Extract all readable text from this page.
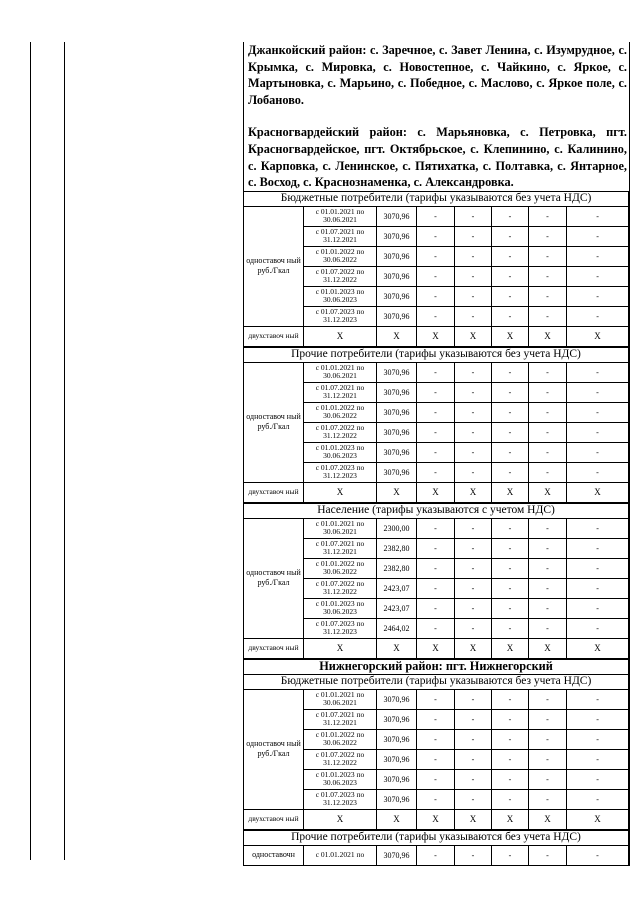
Джанкойский район: с. Заречное, с. Завет Ленина, с. Изумрудное, с. Крымка, с. Мировка, с. Новостепное, с. Чайкино, с. Яркое, с. Мартыновка, с. Марьино, с. Победное, с. Маслово, с. Яркое поле, с. Лобаново.

Красногвардейский район: с. Марьяновка, с. Петровка, пгт. Красногвардейское, пгт. Октябрьское, с. Клепинино, с. Калинино, с. Карповка, с. Ленинское, с. Пятихатка, с. Полтавка, с. Янтарное, с. Восход, с. Краснознаменка, с. Александровка.

Бюджетные потребители (тарифы указываются без учета НДС)							
одноставоч ный руб./Гкал	с 01.01.2021 по 30.06.2021	3070,96	-	-	-	-	-
	с 01.07.2021 по 31.12.2021	3070,96	-	-	-	-	-
	с 01.01.2022 по 30.06.2022	3070,96	-	-	-	-	-
	с 01.07.2022 по 31.12.2022	3070,96	-	-	-	-	-
	с 01.01.2023 по 30.06.2023	3070,96	-	-	-	-	-
	с 01.07.2023 по 31.12.2023	3070,96	-	-	-	-	-
двухставоч ный	X	X	X	X	X	X	X
Прочие потребители (тарифы указываются без учета НДС)							
одноставоч ный руб./Гкал	с 01.01.2021 по 30.06.2021	3070,96	-	-	-	-	-
	с 01.07.2021 по 31.12.2021	3070,96	-	-	-	-	-
	с 01.01.2022 по 30.06.2022	3070,96	-	-	-	-	-
	с 01.07.2022 по 31.12.2022	3070,96	-	-	-	-	-
	с 01.01.2023 по 30.06.2023	3070,96	-	-	-	-	-
	с 01.07.2023 по 31.12.2023	3070,96	-	-	-	-	-
двухставоч ный	X	X	X	X	X	X	X
Население (тарифы указываются с учетом НДС)							
одноставоч ный руб./Гкал	с 01.01.2021 по 30.06.2021	2300,00	-	-	-	-	-
	с 01.07.2021 по 31.12.2021	2382,80	-	-	-	-	-
	с 01.01.2022 по 30.06.2022	2382,80	-	-	-	-	-
	с 01.07.2022 по 31.12.2022	2423,07	-	-	-	-	-
	с 01.01.2023 по 30.06.2023	2423,07	-	-	-	-	-
	с 01.07.2023 по 31.12.2023	2464,02	-	-	-	-	-
двухставоч ный	X	X	X	X	X	X	X
Нижнегорский район: пгт. Нижнегорский							
Бюджетные потребители (тарифы указываются без учета НДС)							
одноставоч ный руб./Гкал	с 01.01.2021 по 30.06.2021	3070,96	-	-	-	-	-
	с 01.07.2021 по 31.12.2021	3070,96	-	-	-	-	-
	с 01.01.2022 по 30.06.2022	3070,96	-	-	-	-	-
	с 01.07.2022 по 31.12.2022	3070,96	-	-	-	-	-
	с 01.01.2023 по 30.06.2023	3070,96	-	-	-	-	-
	с 01.07.2023 по 31.12.2023	3070,96	-	-	-	-	-
двухставоч ный	X	X	X	X	X	X	X
Прочие потребители (тарифы указываются без учета НДС)
одноставочн	с 01.01.2021 по	3070,96	-	-	-	-	-
